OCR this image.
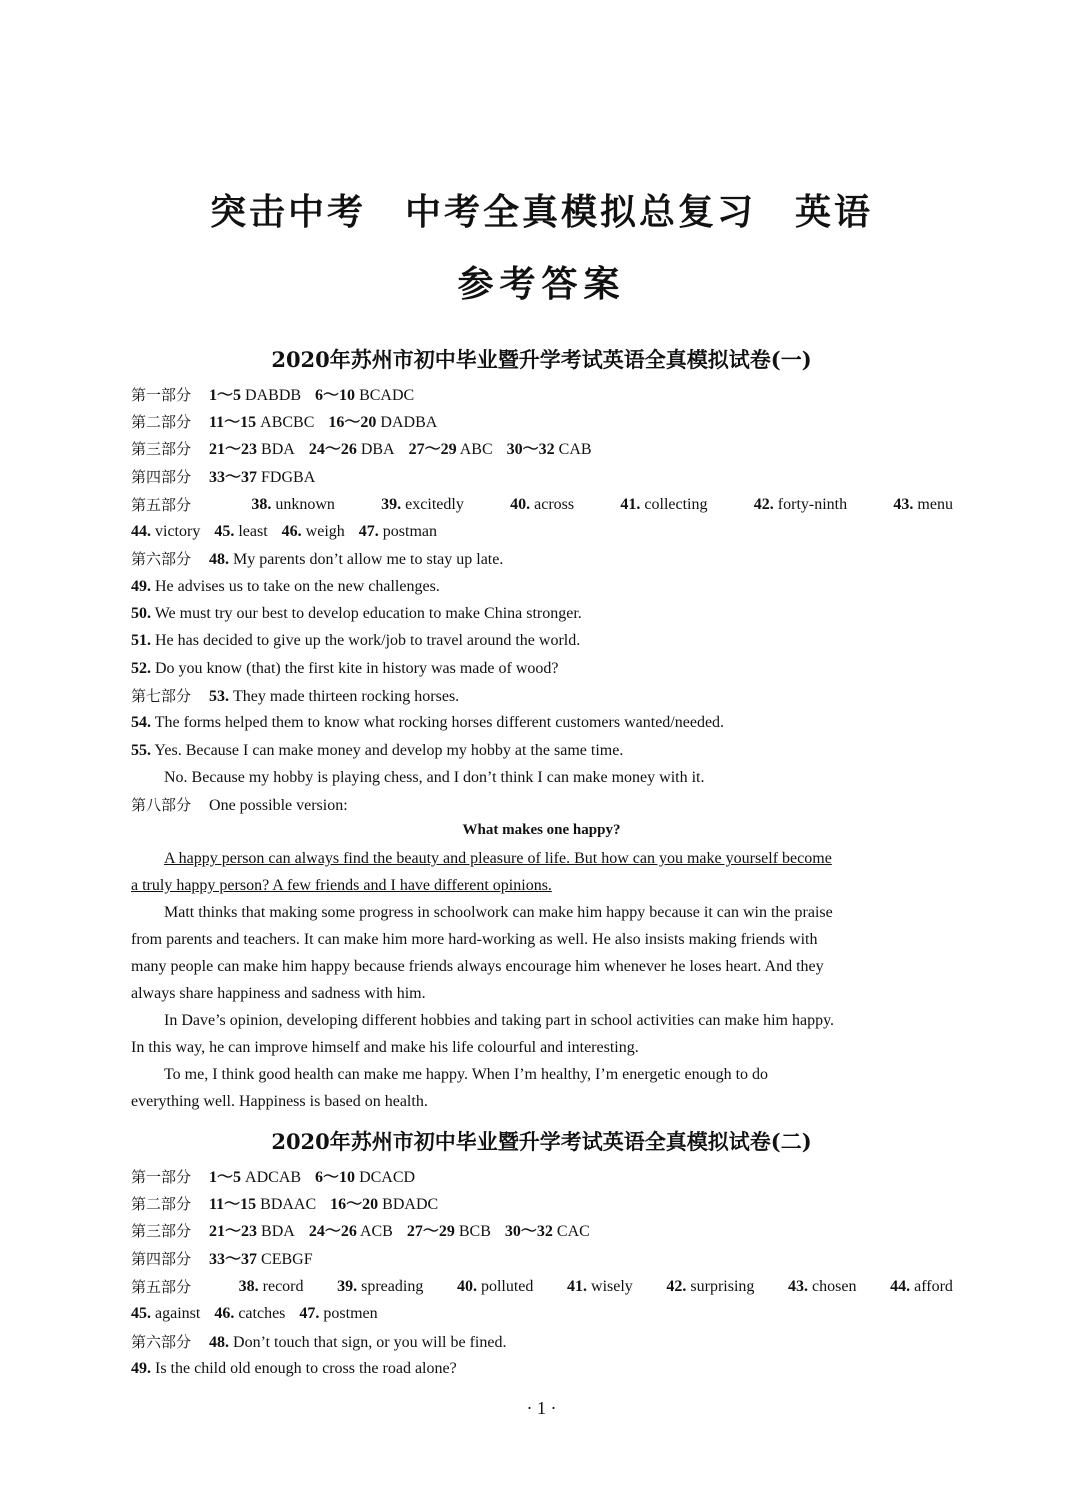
突击中考　中考全真模拟总复习　英语
参考答案
2020年苏州市初中毕业暨升学考试英语全真模拟试卷(一)
第一部分 1～5 DABDB 6～10 BCADC
第二部分 11～15 ABCBC 16～20 DADBA
第三部分 21～23 BDA 24～26 DBA 27～29 ABC 30～32 CAB
第四部分 33～37 FDGBA
第五部分	38. unknown	39. excitedly	40. across	41. collecting	42. forty-ninth	43. menu
44. victory 45. least 46. weigh 47. postman
第六部分 48. My parents don’t allow me to stay up late.
49. He advises us to take on the new challenges.
50. We must try our best to develop education to make China stronger.
51. He has decided to give up the work/job to travel around the world.
52. Do you know (that) the first kite in history was made of wood?
第七部分 53. They made thirteen rocking horses.
54. The forms helped them to know what rocking horses different customers wanted/needed.
55. Yes. Because I can make money and develop my hobby at the same time.
No. Because my hobby is playing chess, and I don’t think I can make money with it.
第八部分 One possible version:
What makes one happy?
A happy person can always find the beauty and pleasure of life. But how can you make yourself become
a truly happy person? A few friends and I have different opinions.
Matt thinks that making some progress in schoolwork can make him happy because it can win the praise
from parents and teachers. It can make him more hard-working as well. He also insists making friends with
many people can make him happy because friends always encourage him whenever he loses heart. And they
always share happiness and sadness with him.
In Dave’s opinion, developing different hobbies and taking part in school activities can make him happy.
In this way, he can improve himself and make his life colourful and interesting.
To me, I think good health can make me happy. When I’m healthy, I’m energetic enough to do
everything well. Happiness is based on health.
2020年苏州市初中毕业暨升学考试英语全真模拟试卷(二)
第一部分 1～5 ADCAB 6～10 DCACD
第二部分 11～15 BDAAC 16～20 BDADC
第三部分 21～23 BDA 24～26 ACB 27～29 BCB 30～32 CAC
第四部分 33～37 CEBGF
第五部分	38. record 39. spreading 40. polluted 41. wisely 42. surprising 43. chosen 44. afford
45. against 46. catches 47. postmen
第六部分 48. Don’t touch that sign, or you will be fined.
49. Is the child old enough to cross the road alone?
· 1 ·
